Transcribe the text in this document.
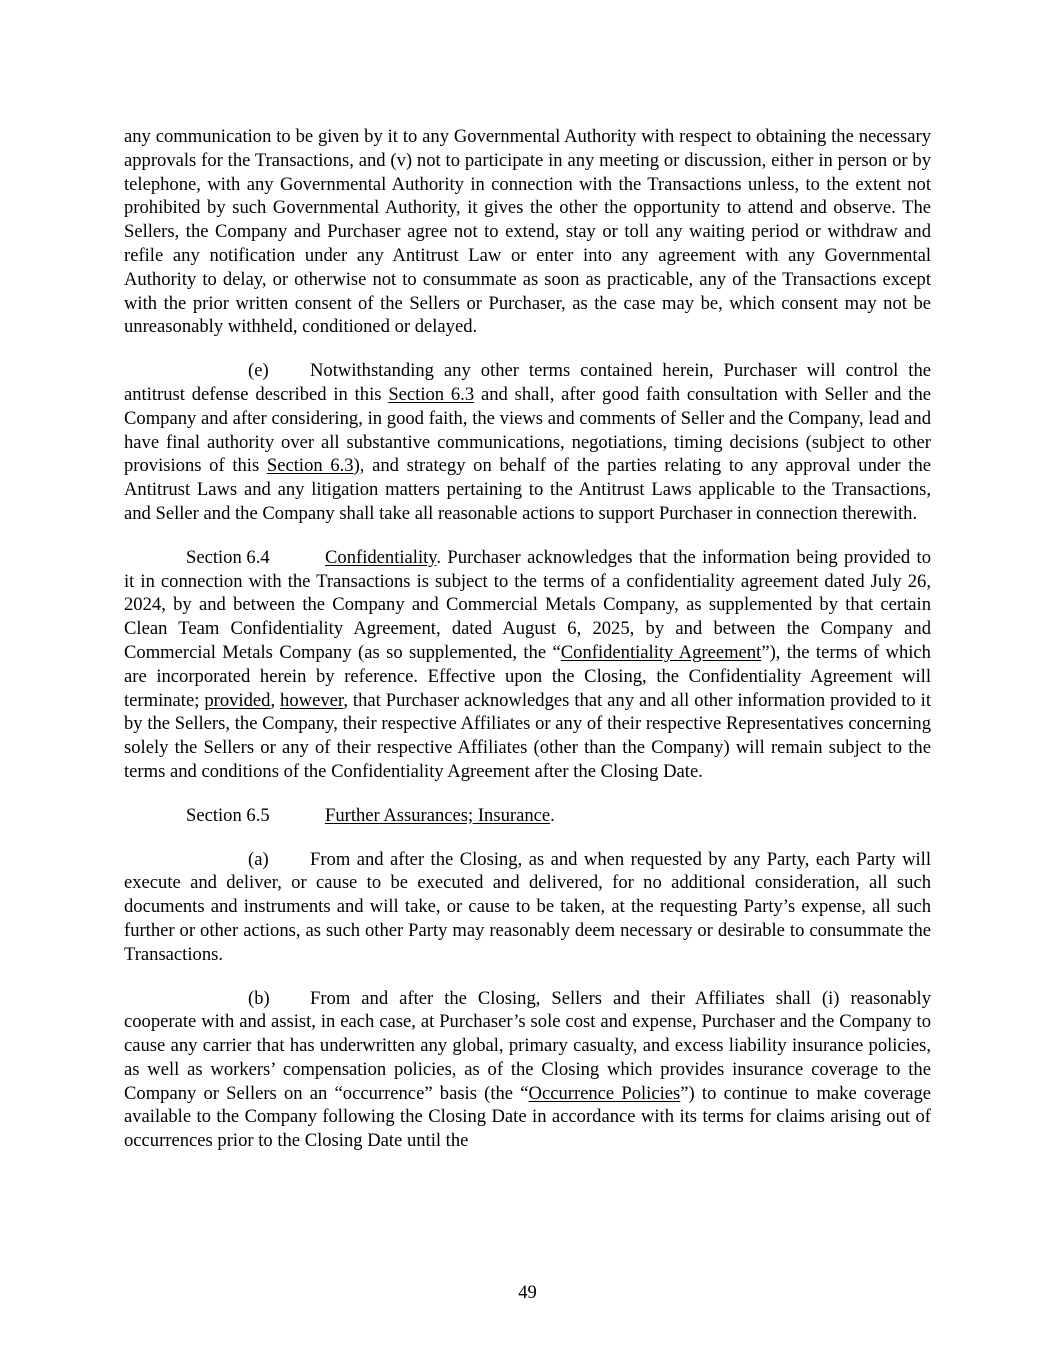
any communication to be given by it to any Governmental Authority with respect to obtaining the necessary approvals for the Transactions, and (v) not to participate in any meeting or discussion, either in person or by telephone, with any Governmental Authority in connection with the Transactions unless, to the extent not prohibited by such Governmental Authority, it gives the other the opportunity to attend and observe. The Sellers, the Company and Purchaser agree not to extend, stay or toll any waiting period or withdraw and refile any notification under any Antitrust Law or enter into any agreement with any Governmental Authority to delay, or otherwise not to consummate as soon as practicable, any of the Transactions except with the prior written consent of the Sellers or Purchaser, as the case may be, which consent may not be unreasonably withheld, conditioned or delayed.

(e) Notwithstanding any other terms contained herein, Purchaser will control the antitrust defense described in this Section 6.3 and shall, after good faith consultation with Seller and the Company and after considering, in good faith, the views and comments of Seller and the Company, lead and have final authority over all substantive communications, negotiations, timing decisions (subject to other provisions of this Section 6.3), and strategy on behalf of the parties relating to any approval under the Antitrust Laws and any litigation matters pertaining to the Antitrust Laws applicable to the Transactions, and Seller and the Company shall take all reasonable actions to support Purchaser in connection therewith.

Section 6.4	Confidentiality. Purchaser acknowledges that the information being provided to it in connection with the Transactions is subject to the terms of a confidentiality agreement dated July 26, 2024, by and between the Company and Commercial Metals Company, as supplemented by that certain Clean Team Confidentiality Agreement, dated August 6, 2025, by and between the Company and Commercial Metals Company (as so supplemented, the “Confidentiality Agreement”), the terms of which are incorporated herein by reference. Effective upon the Closing, the Confidentiality Agreement will terminate; provided, however, that Purchaser acknowledges that any and all other information provided to it by the Sellers, the Company, their respective Affiliates or any of their respective Representatives concerning solely the Sellers or any of their respective Affiliates (other than the Company) will remain subject to the terms and conditions of the Confidentiality Agreement after the Closing Date.

Section 6.5	Further Assurances; Insurance.

(a) From and after the Closing, as and when requested by any Party, each Party will execute and deliver, or cause to be executed and delivered, for no additional consideration, all such documents and instruments and will take, or cause to be taken, at the requesting Party’s expense, all such further or other actions, as such other Party may reasonably deem necessary or desirable to consummate the Transactions.

(b) From and after the Closing, Sellers and their Affiliates shall (i) reasonably cooperate with and assist, in each case, at Purchaser’s sole cost and expense, Purchaser and the Company to cause any carrier that has underwritten any global, primary casualty, and excess liability insurance policies, as well as workers’ compensation policies, as of the Closing which provides insurance coverage to the Company or Sellers on an “occurrence” basis (the “Occurrence Policies”) to continue to make coverage available to the Company following the Closing Date in accordance with its terms for claims arising out of occurrences prior to the Closing Date until the

49
